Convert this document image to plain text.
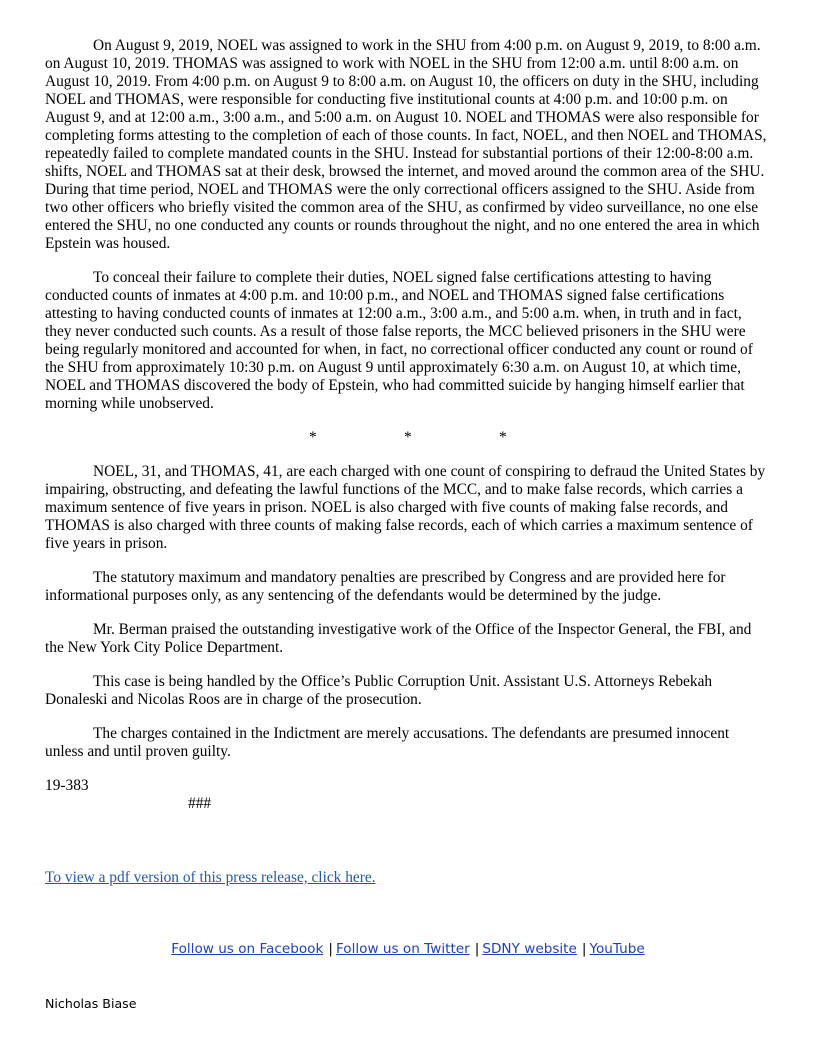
On August 9, 2019, NOEL was assigned to work in the SHU from 4:00 p.m. on August 9, 2019, to 8:00 a.m. on August 10, 2019. THOMAS was assigned to work with NOEL in the SHU from 12:00 a.m. until 8:00 a.m. on August 10, 2019. From 4:00 p.m. on August 9 to 8:00 a.m. on August 10, the officers on duty in the SHU, including NOEL and THOMAS, were responsible for conducting five institutional counts at 4:00 p.m. and 10:00 p.m. on August 9, and at 12:00 a.m., 3:00 a.m., and 5:00 a.m. on August 10. NOEL and THOMAS were also responsible for completing forms attesting to the completion of each of those counts. In fact, NOEL, and then NOEL and THOMAS, repeatedly failed to complete mandated counts in the SHU. Instead for substantial portions of their 12:00-8:00 a.m. shifts, NOEL and THOMAS sat at their desk, browsed the internet, and moved around the common area of the SHU. During that time period, NOEL and THOMAS were the only correctional officers assigned to the SHU. Aside from two other officers who briefly visited the common area of the SHU, as confirmed by video surveillance, no one else entered the SHU, no one conducted any counts or rounds throughout the night, and no one entered the area in which Epstein was housed.

To conceal their failure to complete their duties, NOEL signed false certifications attesting to having conducted counts of inmates at 4:00 p.m. and 10:00 p.m., and NOEL and THOMAS signed false certifications attesting to having conducted counts of inmates at 12:00 a.m., 3:00 a.m., and 5:00 a.m. when, in truth and in fact, they never conducted such counts. As a result of those false reports, the MCC believed prisoners in the SHU were being regularly monitored and accounted for when, in fact, no correctional officer conducted any count or round of the SHU from approximately 10:30 p.m. on August 9 until approximately 6:30 a.m. on August 10, at which time, NOEL and THOMAS discovered the body of Epstein, who had committed suicide by hanging himself earlier that morning while unobserved.

*	*	*

NOEL, 31, and THOMAS, 41, are each charged with one count of conspiring to defraud the United States by impairing, obstructing, and defeating the lawful functions of the MCC, and to make false records, which carries a maximum sentence of five years in prison. NOEL is also charged with five counts of making false records, and THOMAS is also charged with three counts of making false records, each of which carries a maximum sentence of five years in prison.

The statutory maximum and mandatory penalties are prescribed by Congress and are provided here for informational purposes only, as any sentencing of the defendants would be determined by the judge.

Mr. Berman praised the outstanding investigative work of the Office of the Inspector General, the FBI, and the New York City Police Department.

This case is being handled by the Office’s Public Corruption Unit. Assistant U.S. Attorneys Rebekah Donaleski and Nicolas Roos are in charge of the prosecution.

The charges contained in the Indictment are merely accusations. The defendants are presumed innocent unless and until proven guilty.

19-383
###
To view a pdf version of this press release, click here.
Follow us on Facebook | Follow us on Twitter | SDNY website | YouTube
Nicholas Biase
